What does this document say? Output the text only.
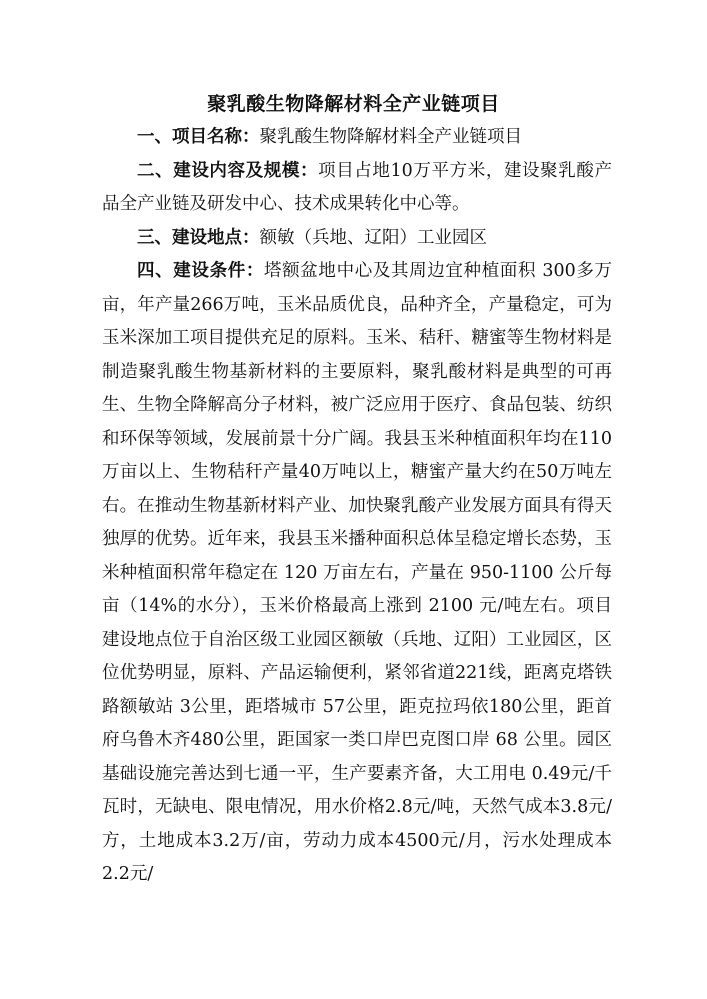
聚乳酸生物降解材料全产业链项目

一、项目名称：聚乳酸生物降解材料全产业链项目

二、建设内容及规模：项目占地10万平方米，建设聚乳酸产品全产业链及研发中心、技术成果转化中心等。

三、建设地点：额敏（兵地、辽阳）工业园区

四、建设条件：塔额盆地中心及其周边宜种植面积 300多万亩，年产量266万吨，玉米品质优良，品种齐全，产量稳定，可为玉米深加工项目提供充足的原料。玉米、秸秆、糖蜜等生物材料是制造聚乳酸生物基新材料的主要原料，聚乳酸材料是典型的可再生、生物全降解高分子材料，被广泛应用于医疗、食品包装、纺织和环保等领域，发展前景十分广阔。我县玉米种植面积年均在110万亩以上、生物秸秆产量40万吨以上，糖蜜产量大约在50万吨左右。在推动生物基新材料产业、加快聚乳酸产业发展方面具有得天独厚的优势。近年来，我县玉米播种面积总体呈稳定增长态势，玉米种植面积常年稳定在 120 万亩左右，产量在 950-1100 公斤每亩（14%的水分），玉米价格最高上涨到 2100 元/吨左右。项目建设地点位于自治区级工业园区额敏（兵地、辽阳）工业园区，区位优势明显，原料、产品运输便利，紧邻省道221线，距离克塔铁路额敏站 3公里，距塔城市 57公里，距克拉玛依180公里，距首府乌鲁木齐480公里，距国家一类口岸巴克图口岸 68 公里。园区基础设施完善达到七通一平，生产要素齐备，大工用电 0.49元/千瓦时，无缺电、限电情况，用水价格2.8元/吨，天然气成本3.8元/方，土地成本3.2万/亩，劳动力成本4500元/月，污水处理成本2.2元/
